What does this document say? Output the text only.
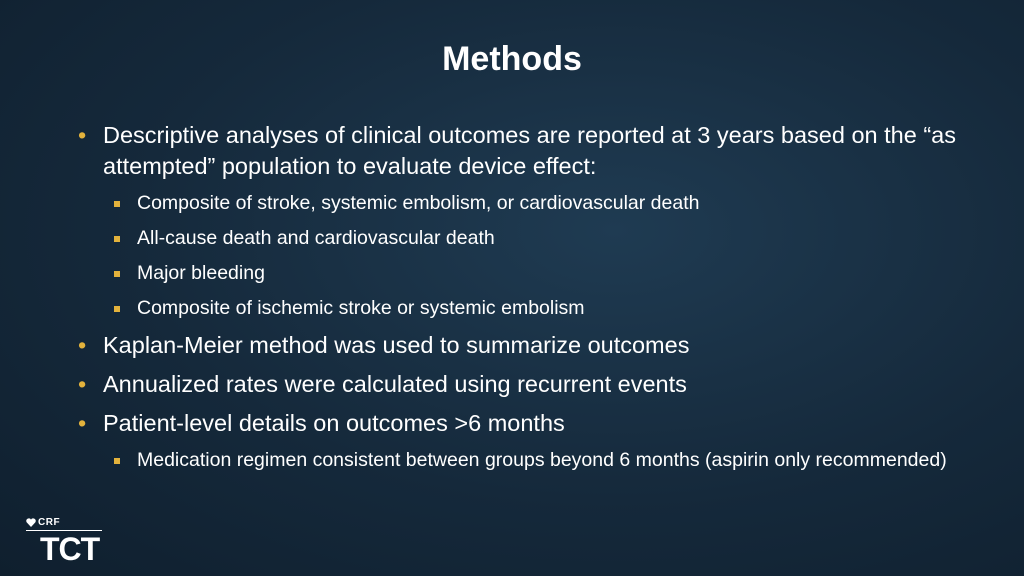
Methods
• Descriptive analyses of clinical outcomes are reported at 3 years based on the “as attempted” population to evaluate device effect:
Composite of stroke, systemic embolism, or cardiovascular death
All-cause death and cardiovascular death
Major bleeding
Composite of ischemic stroke or systemic embolism
• Kaplan-Meier method was used to summarize outcomes
• Annualized rates were calculated using recurrent events
• Patient-level details on outcomes >6 months
Medication regimen consistent between groups beyond 6 months (aspirin only recommended)
CRF
TCT
